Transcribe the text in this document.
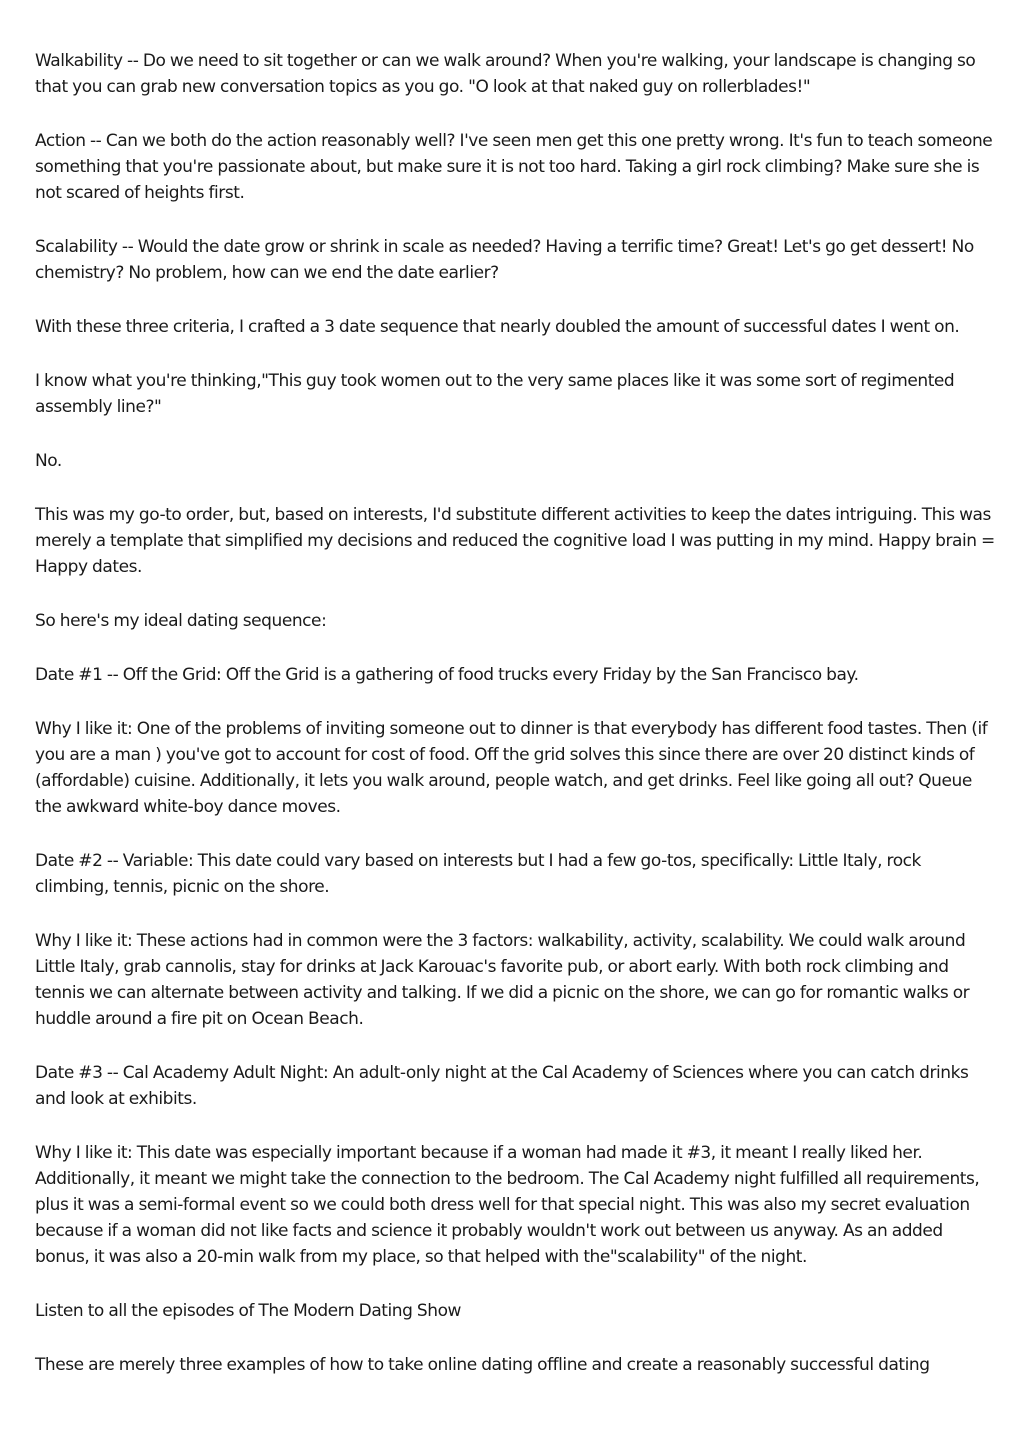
Walkability -- Do we need to sit together or can we walk around? When you're walking, your landscape is changing so that you can grab new conversation topics as you go. "O look at that naked guy on rollerblades!"

Action -- Can we both do the action reasonably well? I've seen men get this one pretty wrong. It's fun to teach someone something that you're passionate about, but make sure it is not too hard. Taking a girl rock climbing? Make sure she is not scared of heights first.

Scalability -- Would the date grow or shrink in scale as needed? Having a terrific time? Great! Let's go get dessert! No chemistry? No problem, how can we end the date earlier?

With these three criteria, I crafted a 3 date sequence that nearly doubled the amount of successful dates I went on.

I know what you're thinking,"This guy took women out to the very same places like it was some sort of regimented assembly line?"

No.

This was my go-to order, but, based on interests, I'd substitute different activities to keep the dates intriguing. This was merely a template that simplified my decisions and reduced the cognitive load I was putting in my mind. Happy brain = Happy dates.

So here's my ideal dating sequence:

Date #1 -- Off the Grid: Off the Grid is a gathering of food trucks every Friday by the San Francisco bay.

Why I like it: One of the problems of inviting someone out to dinner is that everybody has different food tastes. Then (if you are a man ) you've got to account for cost of food. Off the grid solves this since there are over 20 distinct kinds of (affordable) cuisine. Additionally, it lets you walk around, people watch, and get drinks. Feel like going all out? Queue the awkward white-boy dance moves.

Date #2 -- Variable: This date could vary based on interests but I had a few go-tos, specifically: Little Italy, rock climbing, tennis, picnic on the shore.

Why I like it: These actions had in common were the 3 factors: walkability, activity, scalability. We could walk around Little Italy, grab cannolis, stay for drinks at Jack Karouac's favorite pub, or abort early. With both rock climbing and tennis we can alternate between activity and talking. If we did a picnic on the shore, we can go for romantic walks or huddle around a fire pit on Ocean Beach.

Date #3 -- Cal Academy Adult Night: An adult-only night at the Cal Academy of Sciences where you can catch drinks and look at exhibits.

Why I like it: This date was especially important because if a woman had made it #3, it meant I really liked her. Additionally, it meant we might take the connection to the bedroom. The Cal Academy night fulfilled all requirements, plus it was a semi-formal event so we could both dress well for that special night. This was also my secret evaluation because if a woman did not like facts and science it probably wouldn't work out between us anyway. As an added bonus, it was also a 20-min walk from my place, so that helped with the"scalability" of the night.

Listen to all the episodes of The Modern Dating Show

These are merely three examples of how to take online dating offline and create a reasonably successful dating
